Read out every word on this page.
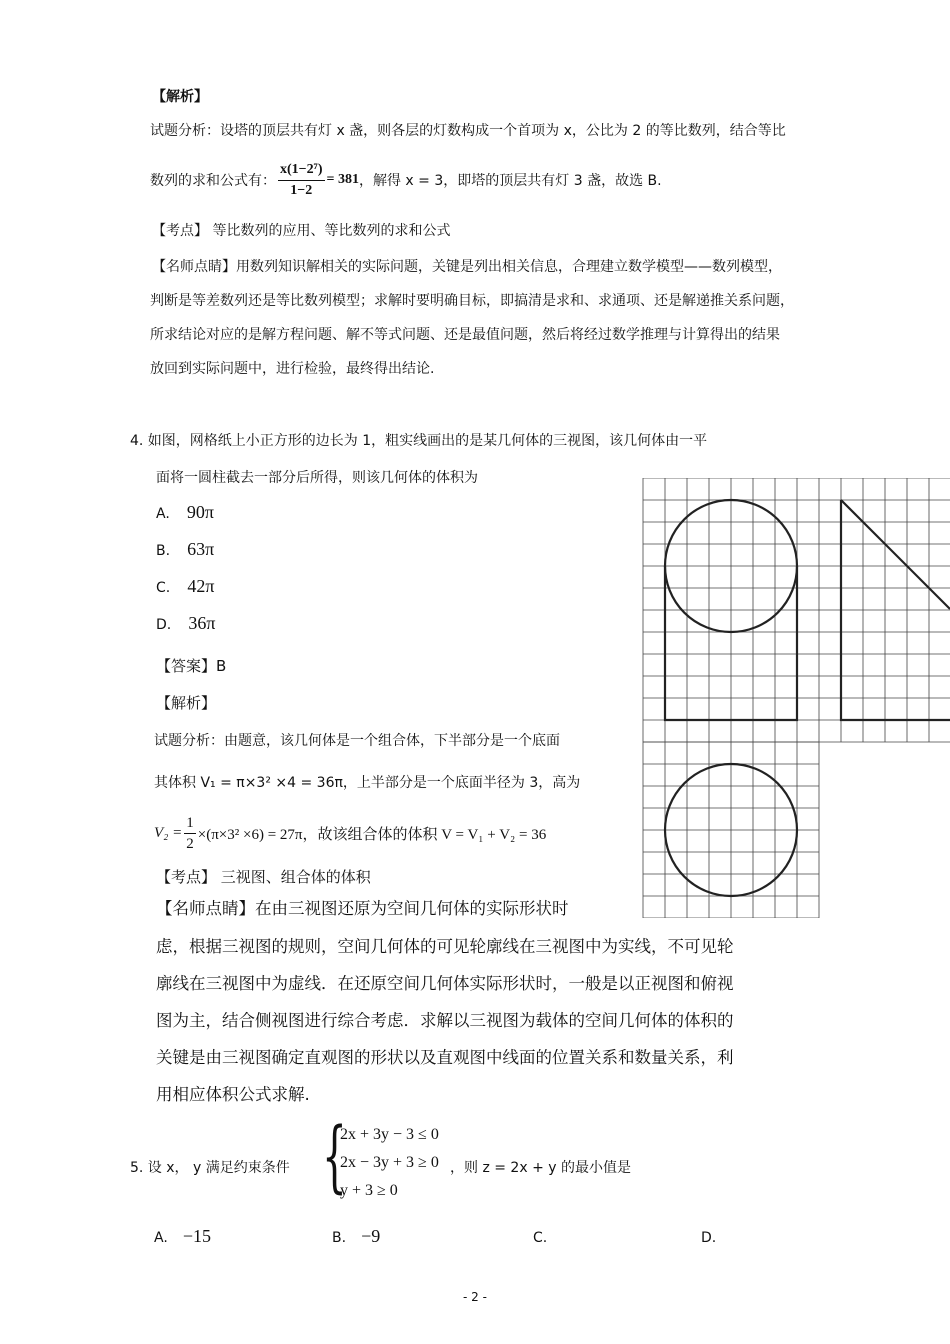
【解析】
试题分析：设塔的顶层共有灯 x 盏，则各层的灯数构成一个首项为 x，公比为 2 的等比数列，结合等比
数列的求和公式有： $\frac{\text{x(1−2⁷)}}{1-2} = 381$ ，解得 x = 3，即塔的顶层共有灯 3 盏，故选 B.
【考点】 等比数列的应用、等比数列的求和公式
【名师点睛】用数列知识解相关的实际问题，关键是列出相关信息，合理建立数学模型——数列模型，
判断是等差数列还是等比数列模型；求解时要明确目标，即搞清是求和、求通项、还是解递推关系问题，
所求结论对应的是解方程问题、解不等式问题、还是最值问题，然后将经过数学推理与计算得出的结果
放回到实际问题中，进行检验，最终得出结论.
4. 如图，网格纸上小正方形的边长为 1，粗实线画出的是某几何体的三视图，该几何体由一平
面将一圆柱截去一部分后所得，则该几何体的体积为
A. 90π
B. 63π
C. 42π
D. 36π
【答案】B
【解析】
试题分析：由题意，该几何体是一个组合体，下半部分是一个底面
其体积 V₁ = π×3² ×4 = 36π，上半部分是一个底面半径为 3，高为
$V_2 = \frac{1}{2} \times(\pi\times 3^2 \times 6) = 27\pi$，故该组合体的体积 V = V₁ + V₂ = 36
【考点】 三视图、组合体的体积
【名师点睛】在由三视图还原为空间几何体的实际形状时
虑，根据三视图的规则，空间几何体的可见轮廓线在三视图中为实线，不可见轮
廓线在三视图中为虚线．在还原空间几何体实际形状时，一般是以正视图和俯视
图为主，结合侧视图进行综合考虑．求解以三视图为载体的空间几何体的体积的
关键是由三视图确定直观图的形状以及直观图中线面的位置关系和数量关系，利
用相应体积公式求解.
5. 设 x， y 满足约束条件 {
2x + 3y − 3 ≤ 0
2x − 3y + 3 ≥ 0
y + 3 ≥ 0
，则 z = 2x + y 的最小值是
A. −15	B. −9	C.	D.
- 2 -
